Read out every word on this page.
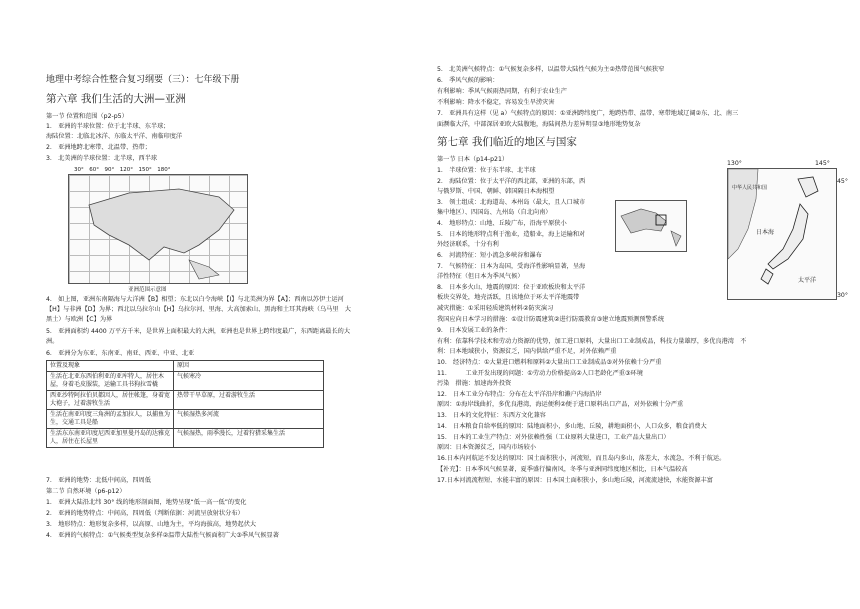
地理中考综合性整合复习纲要（三）：七年级下册
第六章 我们生活的大洲—亚洲
第一节 位置和范围（p2-p5）
1.　亚洲的半球位置：位于北半球、东半球；
海陆位置：北临北冰洋、东临太平洋、南临印度洋
2.　亚洲地跨北寒带、北温带、热带；
3.　北美洲的半球位置：北半球，西半球
30°　60°　90°　120°　150°　180°
亚洲范围示意图
4.　如上图，亚洲东南隔海与大洋洲【B】相望；东北以白令海峡【I】与北美洲为界【A】；西南以苏伊士运河
【H】与非洲【D】为界；西北以乌拉尔山【H】乌拉尔河、里海、大高加索山、黑海和土耳其海峡（乌马里　大
黑土）与欧洲【C】为界
5.　亚洲面积约 4400 万平方千米，是世界上面积最大的大洲，亚洲也是世界上跨纬度最广，东西距离最长的大
洲。
6.　亚洲分为东亚、东南亚、南亚、西亚、中亚、北亚
位置及现象	原因
生活在北亚东西伯利亚的亚库特人，居住木屋，身着毛皮服装，运输工具书狗拉雪橇	气候寒冷
西亚沙特阿拉伯贝都因人，居住帐篷，身着宽大袍子，过着游牧生活	热带干旱草原，过着游牧生活
生活在南亚印度三角洲的孟加拉人，以捕鱼为生，交通工具是船	气候湿热多河流
生活东东南亚印度尼西亚加里曼丹岛的达雅克人，居住在长屋里	气候湿热，雨季漫长，过着狩猎采集生活
7.　亚洲的地势：北低中间高，四周低
第二节 自然环境（p6-p12）
1.　亚洲大陆沿北纬 30° 线的地形剖面图，地势呈现“低一高一低”的变化
2.　亚洲的地势特点：中间高，四周低（判断依据：河流呈放射状分布）
3.　地形特点：地形复杂多样，以高原、山地为主，平均海拔高，地势起伏大
4.　亚洲的气候特点：①气候类型复杂多样②温带大陆性气候面积广大③季风气候显著
5.　北美洲气候特点：①气候复杂多样，以温带大陆性气候为主②热带范围气候狭窄
6.　季风气候的影响：
有利影响：季风气候雨热同期，有利于农业生产
不利影响：降水不稳定，容易发生旱涝灾害
7.　亚洲具有这样（见 a）气候特点的原因：①亚洲跨纬度广，地跨热带、温带、寒带地域辽阔②东、北、南三
面濒临大洋，中部深居亚欧大陆腹地，海陆间热力差异明显③地形地势复杂
第七章 我们临近的地区与国家
第一节 日本（p14-p21）
1.　半球位置：位于东半球、北半球
2.　海陆位置：位于太平洋的西北部，亚洲的东部，西
与俄罗斯、中国、朝鲜、韩国隔日本海相望
3.　领土组成：北海道岛、本州岛（最大，且人口城市
集中地区）、四国岛、九州岛（自北向南）
4.　地形特点：山地、丘陵广布，沿海平原狭小
5.　日本的地形特点利于渔业，造船业，海上运输和对
外经济联系，十分有利
6.　河流特征：短小流急多峡谷和瀑布
7.　气候特征：日本为岛国，受海洋性影响显著，呈海
洋性特征（但日本为季风气候）
8.　日本多火山、地震的原因：位于亚欧板块和太平洋
板块交界处，地壳活跃，且该地位于环太平洋地震带
减灾措施：①采用轻质建筑材料②防灾演习
我国应向日本学习的措施：①设计防震建筑②进行防震教育③建立地震预测预警系统
9.　日本发展工业的条件：
有利：依靠科学技术和劳动力资源的优势，加工进口原料，大量出口工业制成品，科技力量雄厚，多优良港湾　不
利：日本地域狭小，资源贫乏，国内供给严重不足，对外依赖严重
10.　经济特点：①大量进口燃料和原料②大量出口工业制成品③对外依赖十分严重
11.　　　工业开发出现的问题：①劳动力价格提高②人口老龄化严重③环境
污染　措施：加速海外投资
12.　日本工业分布特点：分布在太平洋沿岸和濑户内海沿岸
原因：①海岸线曲折，多优良港湾，海运便利②便于进口原料出口产品，对外依赖十分严重
13.　日本的文化特征：东西方文化兼容
14.　日本粮食自给率低的原因：陆地面积小，多山地、丘陵，耕地面积小，人口众多，粮食消费大
15.　日本的工业生产特点：对外依赖性强（工业原料大量进口，工业产品大量出口）
原因：日本资源贫乏，国内市场较小
16.日本内河航运不发达的原因：国土面积狭小，河流短，而且岛内多山，落差大，水流急，不利于航运。
【补充】：日本季风气候显著，夏季盛行偏南风，冬季与亚洲同纬度地区相比，日本气温较高
17.日本河流流程短、水能丰富的原因：日本国土面积狭小，多山地丘陵，河流流速快，水能资源丰富
130°	145°
45°
30°
中华人民共和国
日本海
太平洋
